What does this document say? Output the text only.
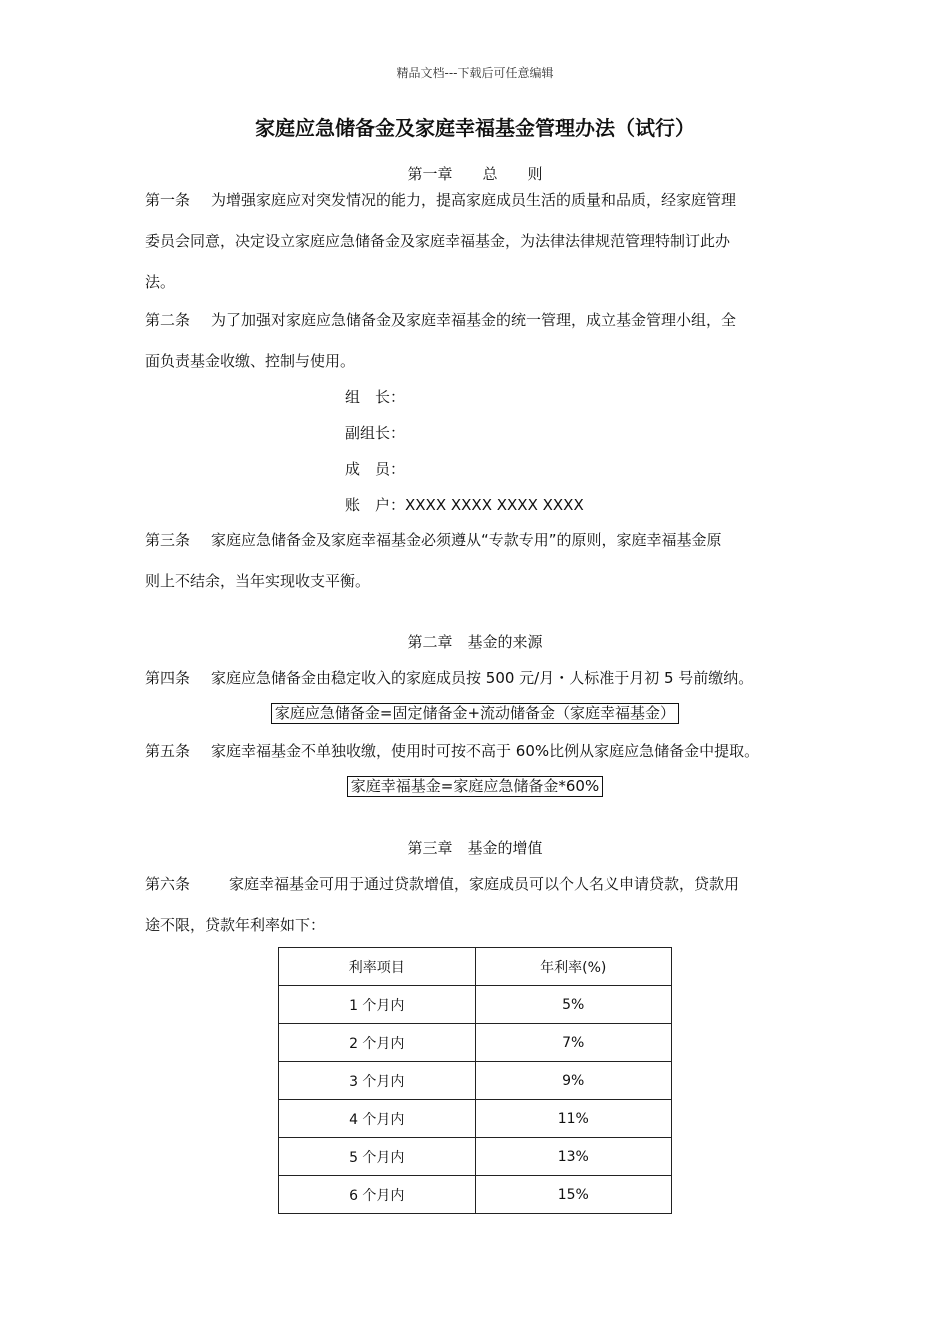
精品文档---下载后可任意编辑
家庭应急储备金及家庭幸福基金管理办法（试行）
第一章　　总　　则
第一条 为增强家庭应对突发情况的能力，提高家庭成员生活的质量和品质，经家庭管理
委员会同意，决定设立家庭应急储备金及家庭幸福基金，为法律法律规范管理特制订此办
法。
第二条 为了加强对家庭应急储备金及家庭幸福基金的统一管理，成立基金管理小组，全
面负责基金收缴、控制与使用。
组　长：
副组长：
成　员：
账　户：XXXX XXXX XXXX XXXX
第三条 家庭应急储备金及家庭幸福基金必须遵从“专款专用”的原则，家庭幸福基金原
则上不结余，当年实现收支平衡。
第二章　基金的来源
第四条 家庭应急储备金由稳定收入的家庭成员按 500 元/月・人标准于月初 5 号前缴纳。
家庭应急储备金=固定储备金+流动储备金（家庭幸福基金）
第五条 家庭幸福基金不单独收缴，使用时可按不高于 60%比例从家庭应急储备金中提取。
家庭幸福基金=家庭应急储备金*60%
第三章　基金的增值
第六条	家庭幸福基金可用于通过贷款增值，家庭成员可以个人名义申请贷款，贷款用
途不限，贷款年利率如下：
利率项目	年利率(%)
1 个月内	5%
2 个月内	7%
3 个月内	9%
4 个月内	11%
5 个月内	13%
6 个月内	15%
